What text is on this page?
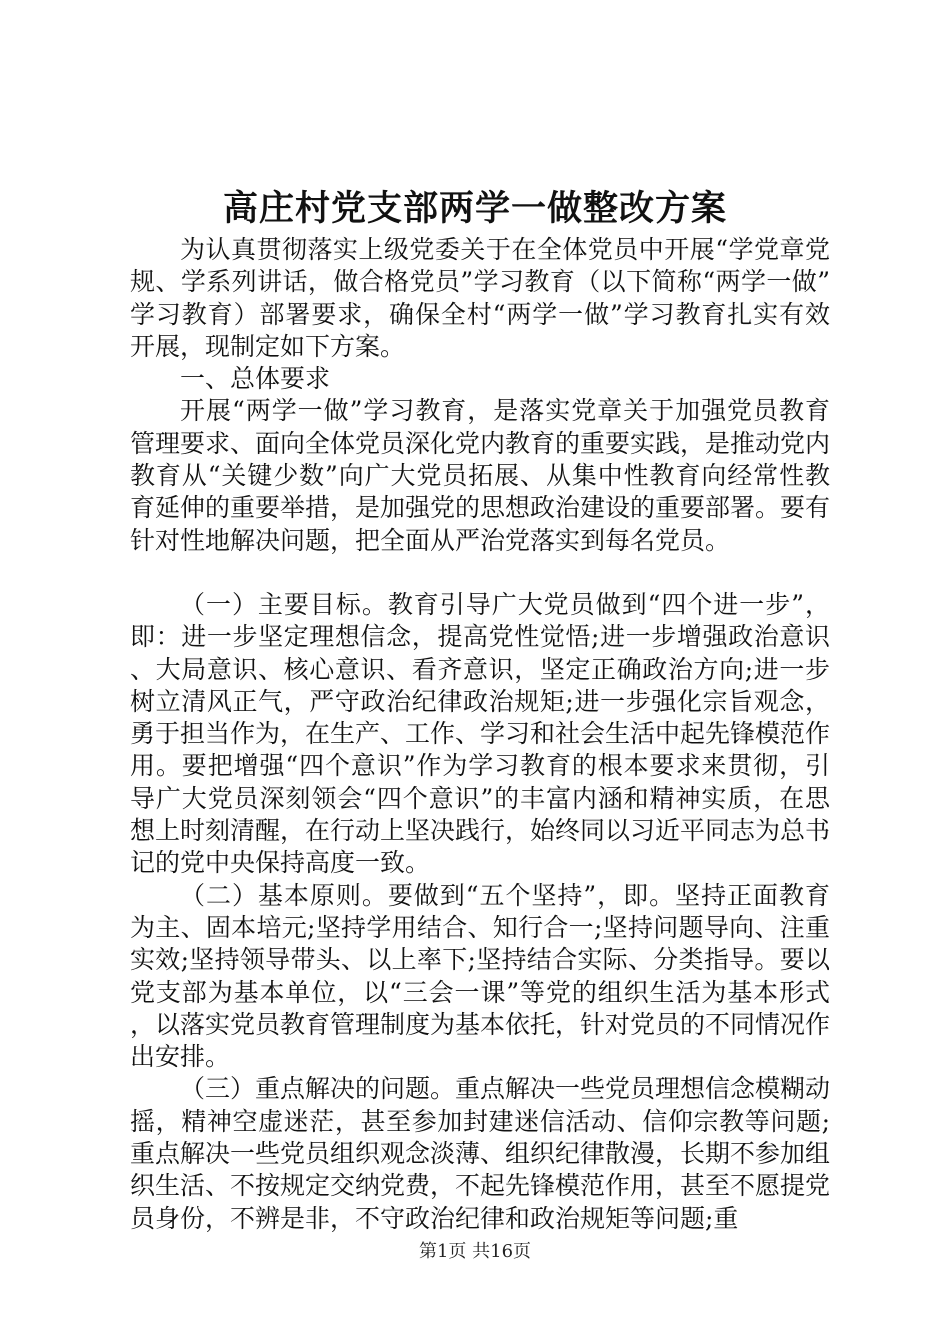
高庄村党支部两学一做整改方案

为认真贯彻落实上级党委关于在全体党员中开展“学党章党规、学系列讲话，做合格党员”学习教育（以下简称“两学一做”学习教育）部署要求，确保全村“两学一做”学习教育扎实有效开展，现制定如下方案。

一、总体要求

开展“两学一做”学习教育，是落实党章关于加强党员教育管理要求、面向全体党员深化党内教育的重要实践，是推动党内教育从“关键少数”向广大党员拓展、从集中性教育向经常性教育延伸的重要举措，是加强党的思想政治建设的重要部署。要有针对性地解决问题，把全面从严治党落实到每名党员。

（一）主要目标。教育引导广大党员做到“四个进一步”，即：进一步坚定理想信念，提高党性觉悟;进一步增强政治意识、大局意识、核心意识、看齐意识，坚定正确政治方向;进一步树立清风正气，严守政治纪律政治规矩;进一步强化宗旨观念，勇于担当作为，在生产、工作、学习和社会生活中起先锋模范作用。要把增强“四个意识”作为学习教育的根本要求来贯彻，引导广大党员深刻领会“四个意识”的丰富内涵和精神实质，在思想上时刻清醒，在行动上坚决践行，始终同以习近平同志为总书记的党中央保持高度一致。

（二）基本原则。要做到“五个坚持”，即。坚持正面教育为主、固本培元;坚持学用结合、知行合一;坚持问题导向、注重实效;坚持领导带头、以上率下;坚持结合实际、分类指导。要以党支部为基本单位，以“三会一课”等党的组织生活为基本形式，以落实党员教育管理制度为基本依托，针对党员的不同情况作出安排。

（三）重点解决的问题。重点解决一些党员理想信念模糊动摇，精神空虚迷茫，甚至参加封建迷信活动、信仰宗教等问题;重点解决一些党员组织观念淡薄、组织纪律散漫，长期不参加组织生活、不按规定交纳党费，不起先锋模范作用，甚至不愿提党员身份，不辨是非，不守政治纪律和政治规矩等问题;重

第1页 共16页
